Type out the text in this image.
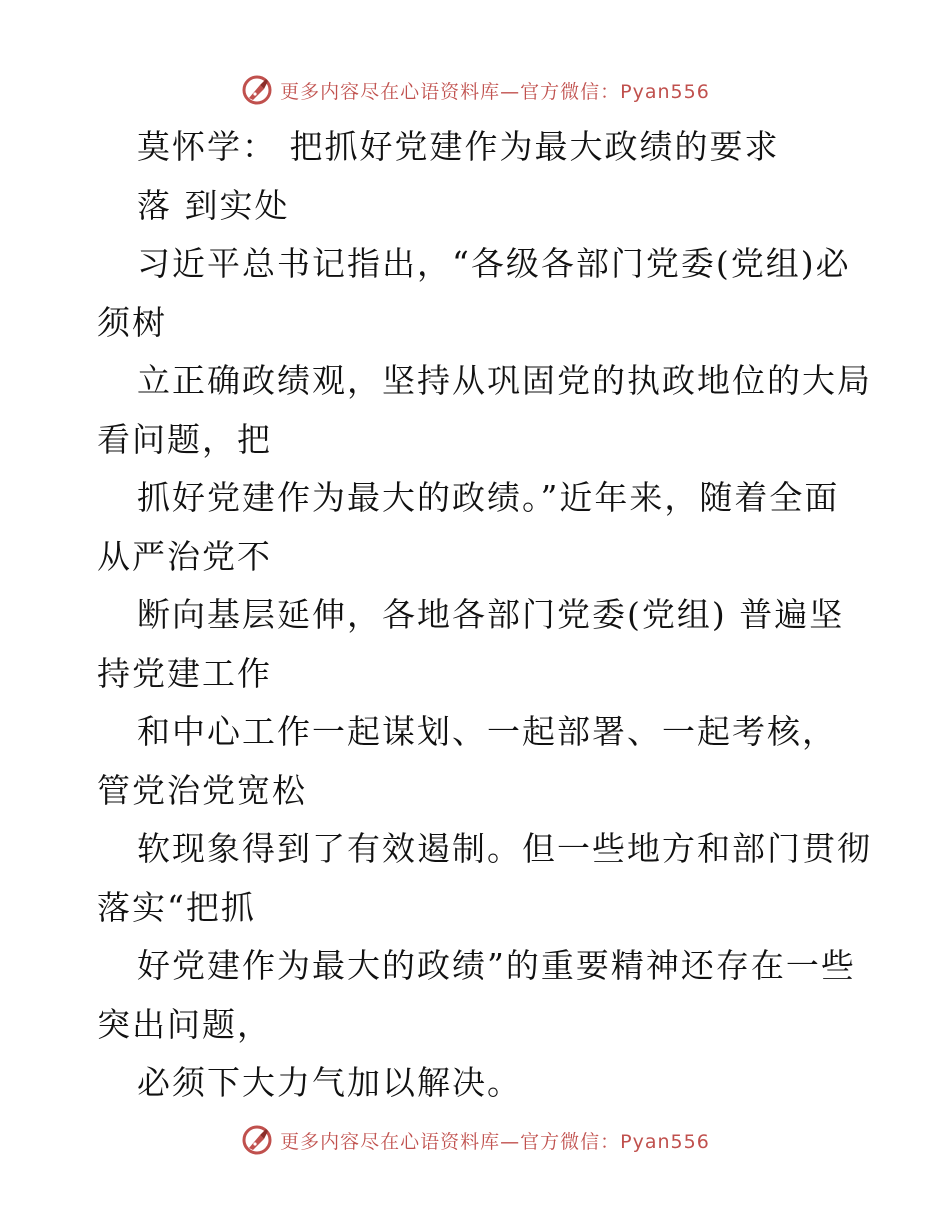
更多内容尽在心语资料库—官方微信：Pyan556
莫怀学： 把抓好党建作为最大政绩的要求
落 到实处
习近平总书记指出，“各级各部门党委(党组)必
须树
立正确政绩观，坚持从巩固党的执政地位的大局
看问题，把
抓好党建作为最大的政绩。”近年来，随着全面
从严治党不
断向基层延伸，各地各部门党委(党组) 普遍坚
持党建工作
和中心工作一起谋划、一起部署、一起考核，
管党治党宽松
软现象得到了有效遏制。但一些地方和部门贯彻
落实“把抓
好党建作为最大的政绩”的重要精神还存在一些
突出问题，
必须下大力气加以解决。
更多内容尽在心语资料库—官方微信：Pyan556
